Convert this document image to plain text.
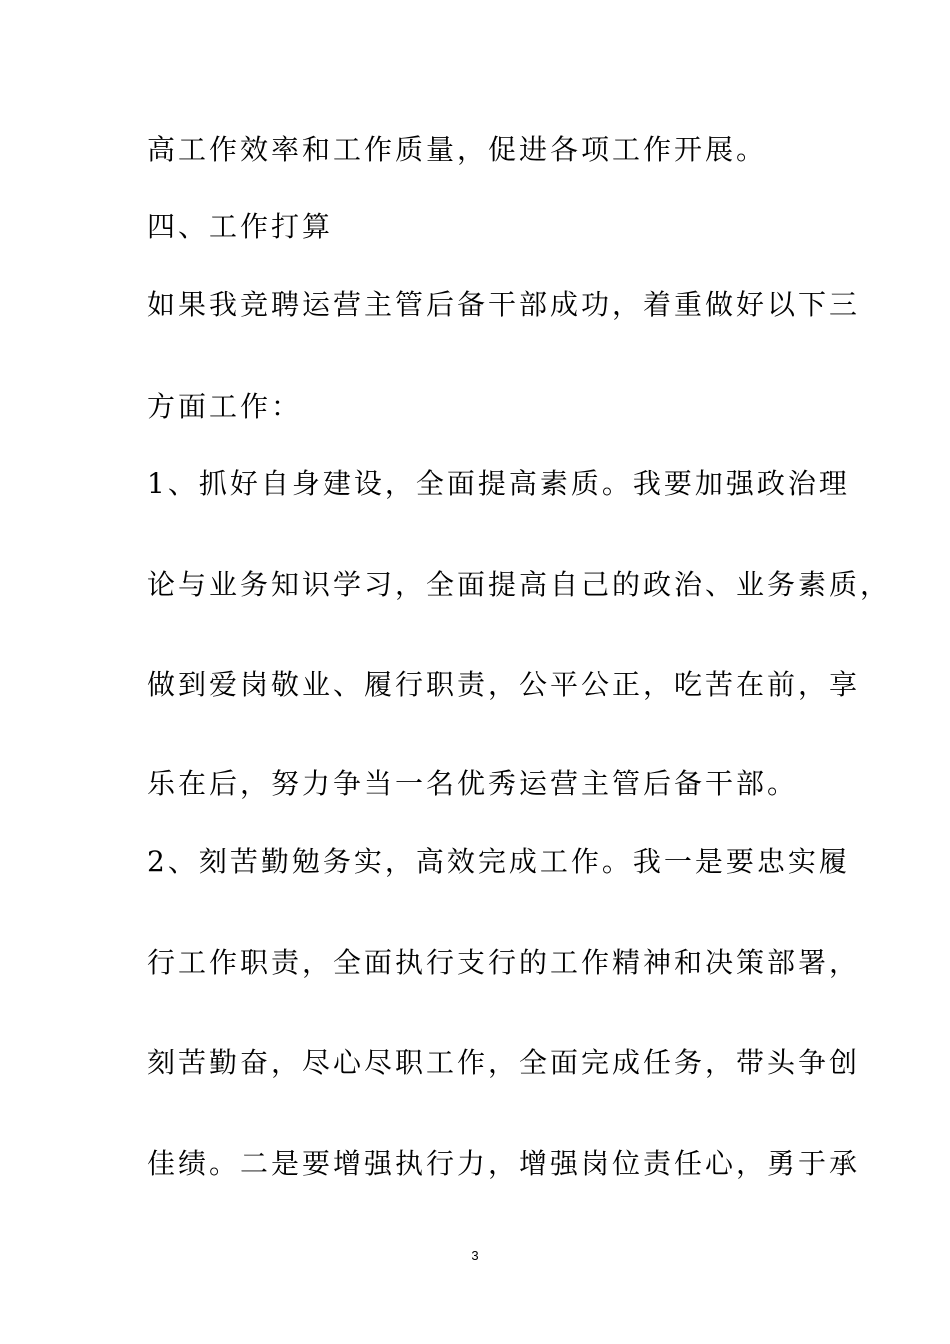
高工作效率和工作质量，促进各项工作开展。
四、工作打算
如果我竞聘运营主管后备干部成功，着重做好以下三
方面工作：
1、抓好自身建设，全面提高素质。我要加强政治理
论与业务知识学习，全面提高自己的政治、业务素质，
做到爱岗敬业、履行职责，公平公正，吃苦在前，享
乐在后，努力争当一名优秀运营主管后备干部。
2、刻苦勤勉务实，高效完成工作。我一是要忠实履
行工作职责，全面执行支行的工作精神和决策部署，
刻苦勤奋，尽心尽职工作，全面完成任务，带头争创
佳绩。二是要增强执行力，增强岗位责任心，勇于承
3
